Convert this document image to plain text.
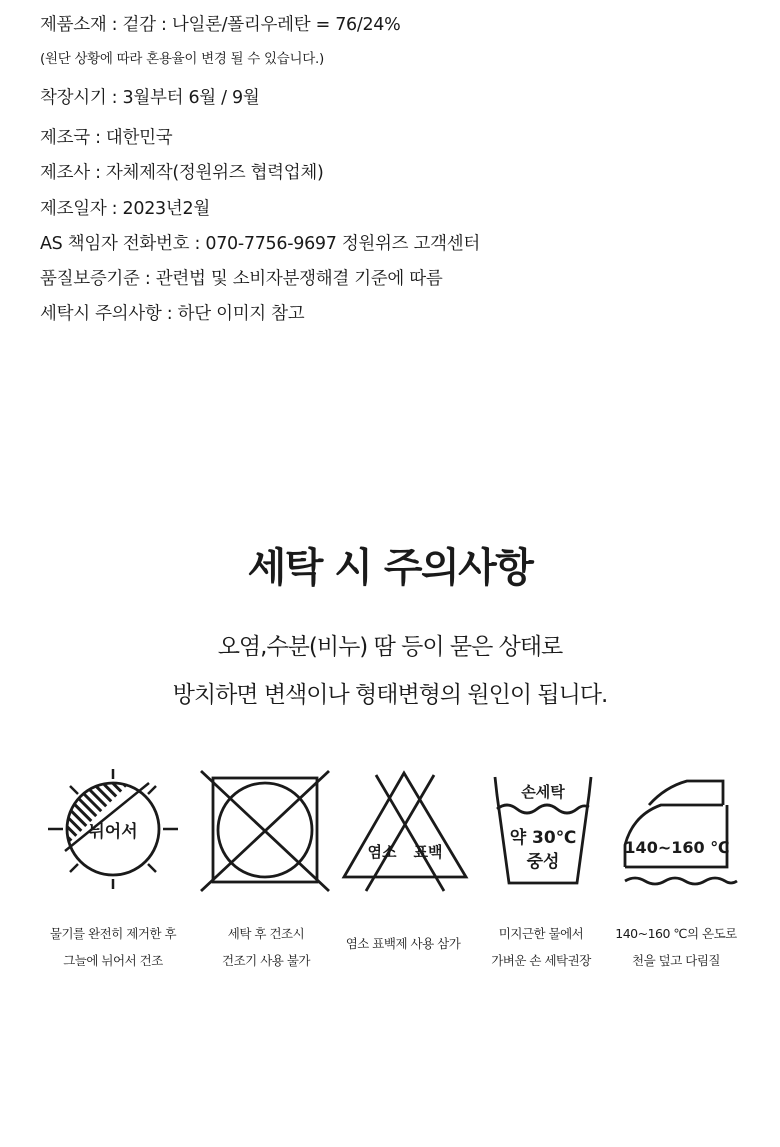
제품소재 : 겉감 : 나일론/폴리우레탄 = 76/24%
(원단 상황에 따라 혼용율이 변경 될 수 있습니다.)
착장시기 : 3월부터 6월 / 9월
제조국 : 대한민국
제조사 : 자체제작(정원위즈 협력업체)
제조일자 : 2023년2월
AS 책임자 전화번호 : 070-7756-9697 정원위즈 고객센터
품질보증기준 : 관련법 및 소비자분쟁해결 기준에 따름
세탁시 주의사항 : 하단 이미지 참고
세탁 시 주의사항
오염,수분(비누) 땀 등이 묻은 상태로
방치하면 변색이나 형태변형의 원인이 됩니다.
뉘어서
염소 표백
손세탁
약 30℃
중성
140~160 ℃
물기를 완전히 제거한 후
그늘에 뉘어서 건조
세탁 후 건조시
건조기 사용 불가
염소 표백제 사용 삼가
미지근한 물에서
가벼운 손 세탁권장
140~160 ℃의 온도로
천을 덮고 다림질
